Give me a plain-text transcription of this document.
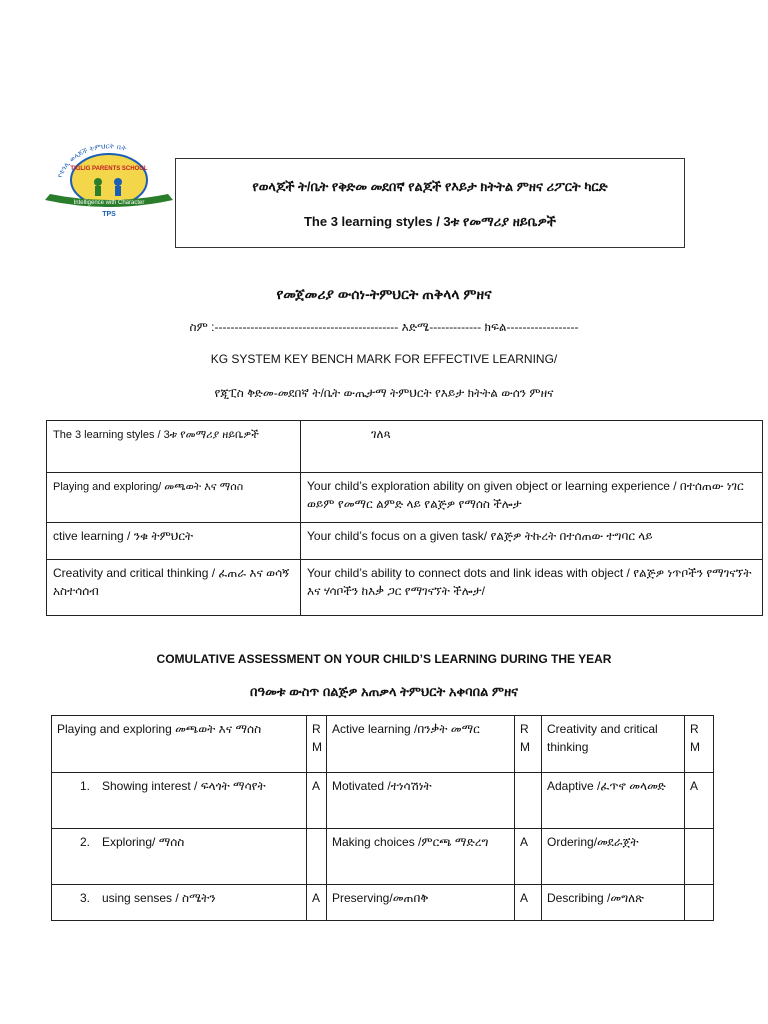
የቲጎሊ ወላጆች ትምህርት ቤት
TIGLIG PARENTS SCHOOL
Intelligence with Character
TPS
የወላጆች ት/ቤት የቅድመ መደበኛ የልጆች የእይታ ክትትል ምዘና ሪፖርት ካርድ
The 3 learning styles / 3ቱ የመማሪያ ዘይቤዎች
የመጀመሪያ ውሰነ-ትምህርት ጠቅላላ ምዘና
ስም :---------------------------------------------- እድሜ------------- ክፍል------------------
KG SYSTEM KEY BENCH MARK FOR EFFECTIVE LEARNING/
የጂፒስ ቅድመ-መደበኛ ት/ቤት ውጤታማ ትምህርት የእይታ ክትትል ውሰን ምዘና
The 3 learning styles / 3ቱ የመማሪያ ዘይቤዎች	ገለጻ
Playing and exploring/ መጫወት እና ማሰስ	Your child’s exploration ability on given object or learning experience / በተሰጠው ነገር ወይም የመማር ልምድ ላይ የልጅዎ የማሰስ ችሎታ
ctive learning / ንቁ ትምህርት	Your child’s focus on a given task/ የልጅዎ ትኩረት በተሰጠው ተግባር ላይ
Creativity and critical thinking / ፈጠራ እና ወሳኝ አስተሳሰብ	Your child’s ability to connect dots and link ideas with object / የልጅዎ ነጥቦችን የማገናኘት እና ሃሳቦችን ከእቃ ጋር የማገናኘት ችሎታ/
COMULATIVE ASSESSMENT ON YOUR CHILD’S LEARNING DURING THE YEAR
በዓመቱ ውስጥ በልጅዎ አጠቃላ ትምህርት አቀባበል ምዘና
Playing and exploring መጫወት እና ማሰስ	R M	Active learning /በንቃት መማር	R M	Creativity and critical thinking	R M
1. Showing interest / ፍላጎት ማሳየት	A	Motivated /ተነሳሽነት		Adaptive /ፈጥኖ መላመድ	A
2. Exploring/ ማሰስ		Making choices /ምርጫ ማድረግ	A	Ordering/መደራጀት	
3. using senses / ስሜትን	A	Preserving/መጠበቅ	A	Describing /መግለጽ	
